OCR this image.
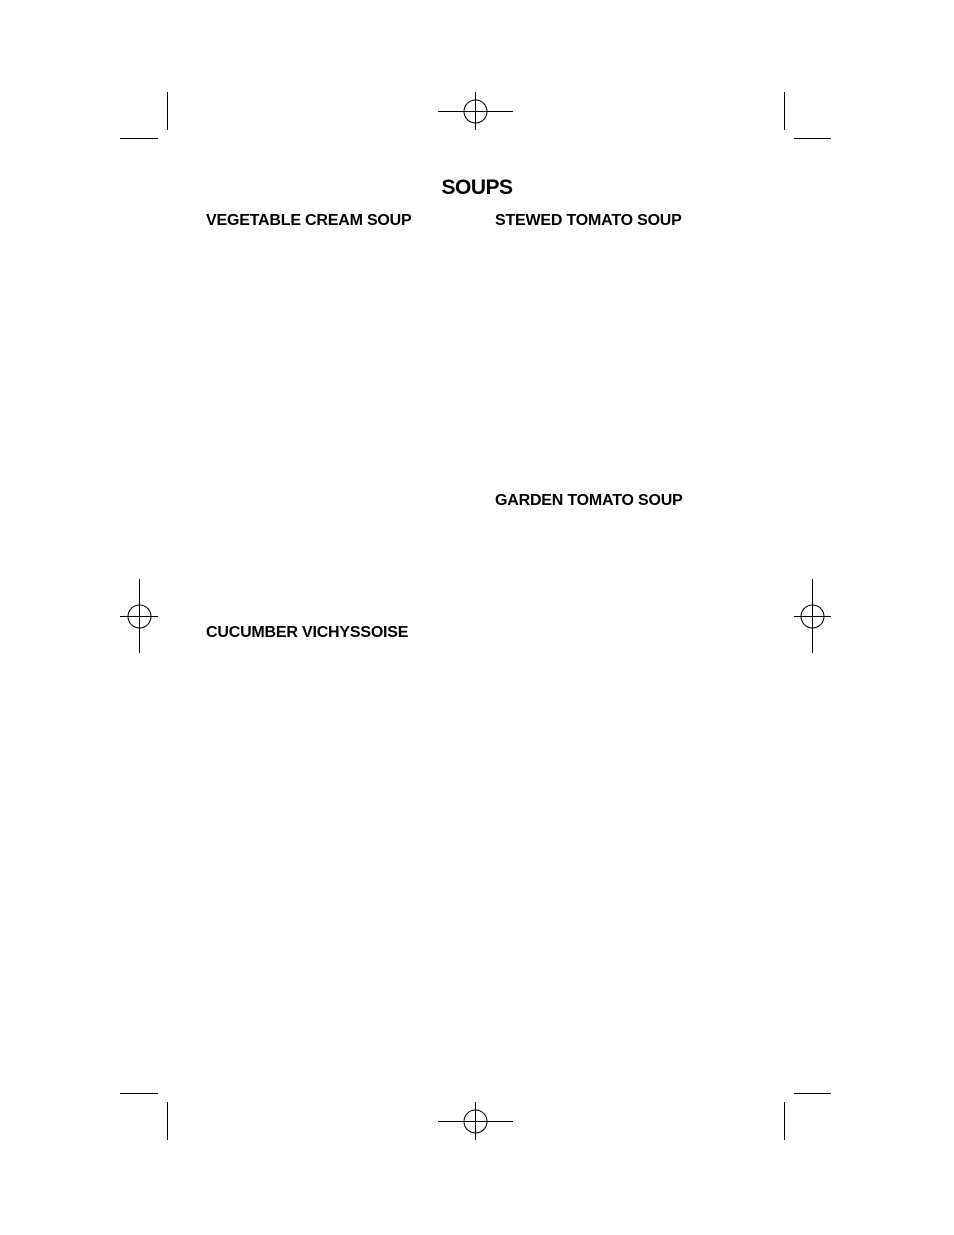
SOUPS
VEGETABLE CREAM SOUP	STEWED TOMATO SOUP
GARDEN TOMATO SOUP
CUCUMBER VICHYSSOISE
